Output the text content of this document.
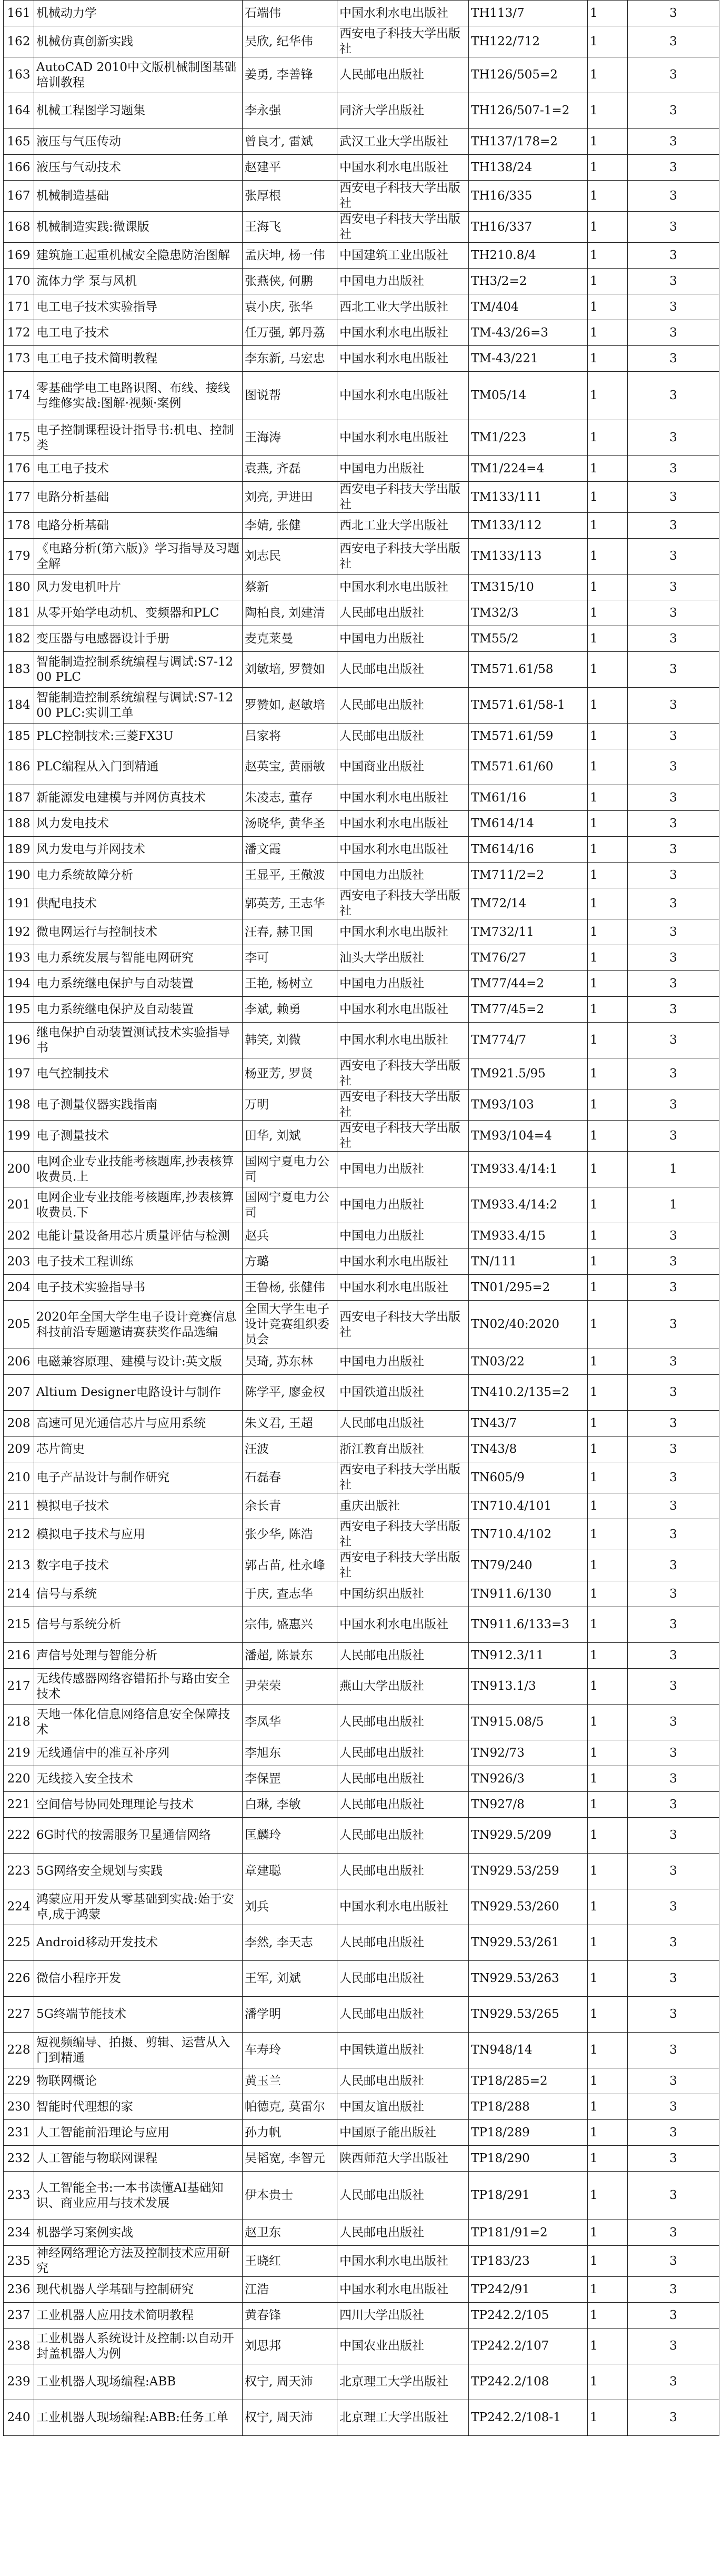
161	机械动力学	石端伟	中国水利水电出版社	TH113/7	1	3
162	机械仿真创新实践	吴欣, 纪华伟	西安电子科技大学出版社	TH122/712	1	3
163	AutoCAD 2010中文版机械制图基础培训教程	姜勇, 李善锋	人民邮电出版社	TH126/505=2	1	3
164	机械工程图学习题集	李永强	同济大学出版社	TH126/507-1=2	1	3
165	液压与气压传动	曾良才, 雷斌	武汉工业大学出版社	TH137/178=2	1	3
166	液压与气动技术	赵建平	中国水利水电出版社	TH138/24	1	3
167	机械制造基础	张厚根	西安电子科技大学出版社	TH16/335	1	3
168	机械制造实践:微课版	王海飞	西安电子科技大学出版社	TH16/337	1	3
169	建筑施工起重机械安全隐患防治图解	孟庆坤, 杨一伟	中国建筑工业出版社	TH210.8/4	1	3
170	流体力学 泵与风机	张燕侠, 何鹏	中国电力出版社	TH3/2=2	1	3
171	电工电子技术实验指导	袁小庆, 张华	西北工业大学出版社	TM/404	1	3
172	电工电子技术	任万强, 郭丹荔	中国水利水电出版社	TM-43/26=3	1	3
173	电工电子技术简明教程	李东新, 马宏忠	中国水利水电出版社	TM-43/221	1	3
174	零基础学电工电路识图、布线、接线与维修实战:图解·视频·案例	图说帮	中国水利水电出版社	TM05/14	1	3
175	电子控制课程设计指导书:机电、控制类	王海涛	中国水利水电出版社	TM1/223	1	3
176	电工电子技术	袁燕, 齐磊	中国电力出版社	TM1/224=4	1	3
177	电路分析基础	刘亮, 尹进田	西安电子科技大学出版社	TM133/111	1	3
178	电路分析基础	李婧, 张健	西北工业大学出版社	TM133/112	1	3
179	《电路分析(第六版)》学习指导及习题全解	刘志民	西安电子科技大学出版社	TM133/113	1	3
180	风力发电机叶片	蔡新	中国水利水电出版社	TM315/10	1	3
181	从零开始学电动机、变频器和PLC	陶柏良, 刘建清	人民邮电出版社	TM32/3	1	3
182	变压器与电感器设计手册	麦克莱曼	中国电力出版社	TM55/2	1	3
183	智能制造控制系统编程与调试:S7-1200 PLC	刘敏培, 罗赞如	人民邮电出版社	TM571.61/58	1	3
184	智能制造控制系统编程与调试:S7-1200 PLC:实训工单	罗赞如, 赵敏培	人民邮电出版社	TM571.61/58-1	1	3
185	PLC控制技术:三菱FX3U	吕家将	人民邮电出版社	TM571.61/59	1	3
186	PLC编程从入门到精通	赵英宝, 黄丽敏	中国商业出版社	TM571.61/60	1	3
187	新能源发电建模与并网仿真技术	朱凌志, 董存	中国水利水电出版社	TM61/16	1	3
188	风力发电技术	汤晓华, 黄华圣	中国水利水电出版社	TM614/14	1	3
189	风力发电与并网技术	潘文霞	中国水利水电出版社	TM614/16	1	3
190	电力系统故障分析	王显平, 王儆波	中国电力出版社	TM711/2=2	1	3
191	供配电技术	郭英芳, 王志华	西安电子科技大学出版社	TM72/14	1	3
192	微电网运行与控制技术	汪春, 赫卫国	中国水利水电出版社	TM732/11	1	3
193	电力系统发展与智能电网研究	李可	汕头大学出版社	TM76/27	1	3
194	电力系统继电保护与自动装置	王艳, 杨树立	中国电力出版社	TM77/44=2	1	3
195	电力系统继电保护及自动装置	李斌, 赖勇	中国水利水电出版社	TM77/45=2	1	3
196	继电保护自动装置测试技术实验指导书	韩笑, 刘微	中国水利水电出版社	TM774/7	1	3
197	电气控制技术	杨亚芳, 罗贤	西安电子科技大学出版社	TM921.5/95	1	3
198	电子测量仪器实践指南	万明	西安电子科技大学出版社	TM93/103	1	3
199	电子测量技术	田华, 刘斌	西安电子科技大学出版社	TM93/104=4	1	3
200	电网企业专业技能考核题库,抄表核算收费员.上	国网宁夏电力公司	中国电力出版社	TM933.4/14:1	1	1
201	电网企业专业技能考核题库,抄表核算收费员.下	国网宁夏电力公司	中国电力出版社	TM933.4/14:2	1	1
202	电能计量设备用芯片质量评估与检测	赵兵	中国电力出版社	TM933.4/15	1	3
203	电子技术工程训练	方璐	中国水利水电出版社	TN/111	1	3
204	电子技术实验指导书	王鲁杨, 张健伟	中国水利水电出版社	TN01/295=2	1	3
205	2020年全国大学生电子设计竞赛信息科技前沿专题邀请赛获奖作品选编	全国大学生电子设计竞赛组织委员会	西安电子科技大学出版社	TN02/40:2020	1	3
206	电磁兼容原理、建模与设计:英文版	吴琦, 苏东林	中国电力出版社	TN03/22	1	3
207	Altium Designer电路设计与制作	陈学平, 廖金权	中国铁道出版社	TN410.2/135=2	1	3
208	高速可见光通信芯片与应用系统	朱义君, 王超	人民邮电出版社	TN43/7	1	3
209	芯片简史	汪波	浙江教育出版社	TN43/8	1	3
210	电子产品设计与制作研究	石磊春	西安电子科技大学出版社	TN605/9	1	3
211	模拟电子技术	余长青	重庆出版社	TN710.4/101	1	3
212	模拟电子技术与应用	张少华, 陈浩	西安电子科技大学出版社	TN710.4/102	1	3
213	数字电子技术	郭占苗, 杜永峰	西安电子科技大学出版社	TN79/240	1	3
214	信号与系统	于庆, 查志华	中国纺织出版社	TN911.6/130	1	3
215	信号与系统分析	宗伟, 盛惠兴	中国水利水电出版社	TN911.6/133=3	1	3
216	声信号处理与智能分析	潘超, 陈景东	人民邮电出版社	TN912.3/11	1	3
217	无线传感器网络容错拓扑与路由安全技术	尹荣荣	燕山大学出版社	TN913.1/3	1	3
218	天地一体化信息网络信息安全保障技术	李凤华	人民邮电出版社	TN915.08/5	1	3
219	无线通信中的准互补序列	李旭东	人民邮电出版社	TN92/73	1	3
220	无线接入安全技术	李保罡	人民邮电出版社	TN926/3	1	3
221	空间信号协同处理理论与技术	白琳, 李敏	人民邮电出版社	TN927/8	1	3
222	6G时代的按需服务卫星通信网络	匡麟玲	人民邮电出版社	TN929.5/209	1	3
223	5G网络安全规划与实践	章建聪	人民邮电出版社	TN929.53/259	1	3
224	鸿蒙应用开发从零基础到实战:始于安卓,成于鸿蒙	刘兵	中国水利水电出版社	TN929.53/260	1	3
225	Android移动开发技术	李然, 李天志	人民邮电出版社	TN929.53/261	1	3
226	微信小程序开发	王军, 刘斌	人民邮电出版社	TN929.53/263	1	3
227	5G终端节能技术	潘学明	人民邮电出版社	TN929.53/265	1	3
228	短视频编导、拍摄、剪辑、运营从入门到精通	车寿玲	中国铁道出版社	TN948/14	1	3
229	物联网概论	黄玉兰	人民邮电出版社	TP18/285=2	1	3
230	智能时代理想的家	帕德克, 莫雷尔	中国友谊出版社	TP18/288	1	3
231	人工智能前沿理论与应用	孙力帆	中国原子能出版社	TP18/289	1	3
232	人工智能与物联网课程	吴韬宽, 李智元	陕西师范大学出版社	TP18/290	1	3
233	人工智能全书:一本书读懂AI基础知识、商业应用与技术发展	伊本贵士	人民邮电出版社	TP18/291	1	3
234	机器学习案例实战	赵卫东	人民邮电出版社	TP181/91=2	1	3
235	神经网络理论方法及控制技术应用研究	王晓红	中国水利水电出版社	TP183/23	1	3
236	现代机器人学基础与控制研究	江浩	中国水利水电出版社	TP242/91	1	3
237	工业机器人应用技术简明教程	黄春锋	四川大学出版社	TP242.2/105	1	3
238	工业机器人系统设计及控制:以自动开封盖机器人为例	刘思邦	中国农业出版社	TP242.2/107	1	3
239	工业机器人现场编程:ABB	权宁, 周天沛	北京理工大学出版社	TP242.2/108	1	3
240	工业机器人现场编程:ABB:任务工单	权宁, 周天沛	北京理工大学出版社	TP242.2/108-1	1	3
